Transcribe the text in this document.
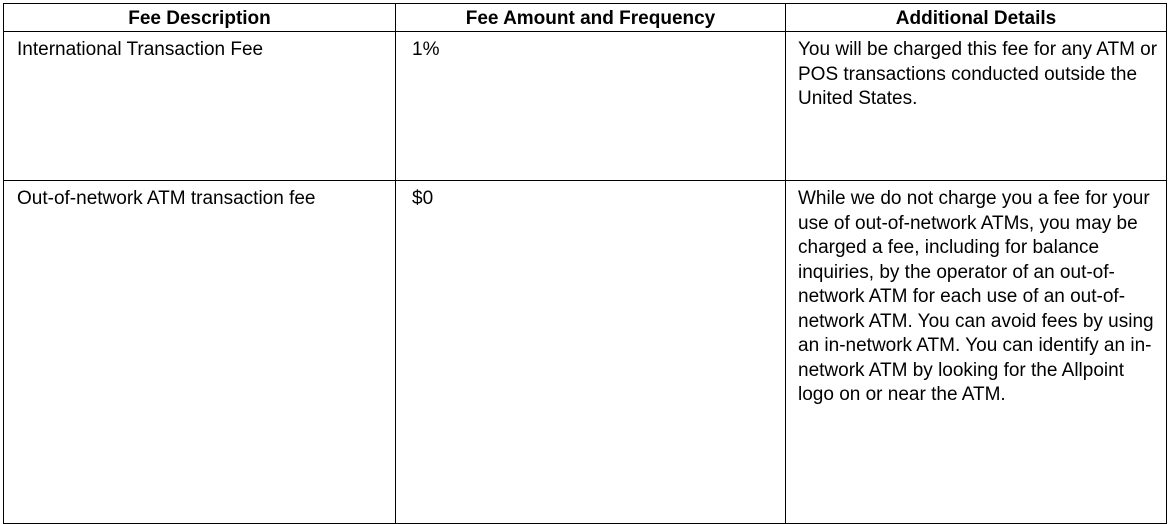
Fee Description	Fee Amount and Frequency	Additional Details
International Transaction Fee	1%	You will be charged this fee for any ATM or POS transactions conducted outside the United States.
Out-of-network ATM transaction fee	$0	While we do not charge you a fee for your use of out-of-network ATMs, you may be charged a fee, including for balance inquiries, by the operator of an out-of-network ATM for each use of an out-of-network ATM. You can avoid fees by using an in-network ATM. You can identify an in-network ATM by looking for the Allpoint logo on or near the ATM.
